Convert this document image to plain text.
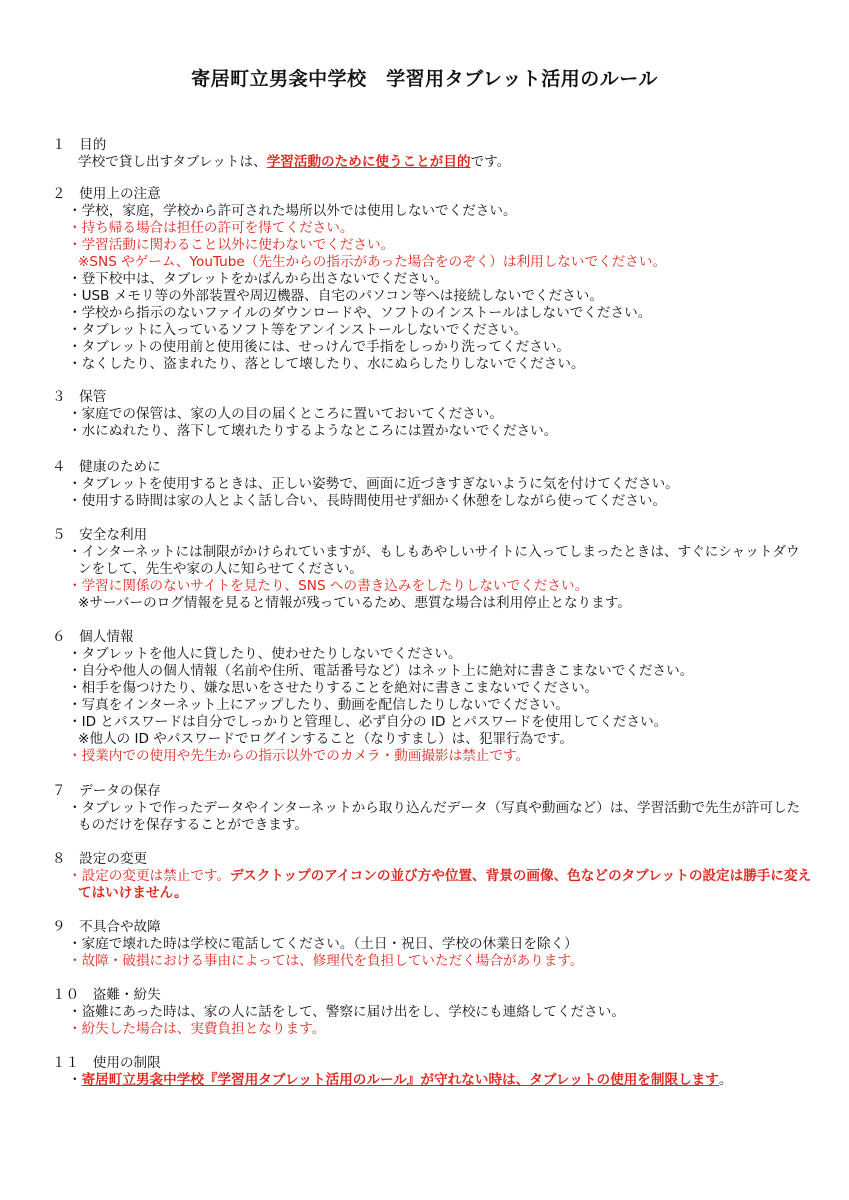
寄居町立男衾中学校　学習用タブレット活用のルール
１　目的
学校で貸し出すタブレットは、学習活動のために使うことが目的です。
２　使用上の注意
・学校，家庭，学校から許可された場所以外では使用しないでください。
・持ち帰る場合は担任の許可を得てください。
・学習活動に関わること以外に使わないでください。
※SNS やゲーム、YouTube（先生からの指示があった場合をのぞく）は利用しないでください。
・登下校中は、タブレットをかばんから出さないでください。
・USB メモリ等の外部装置や周辺機器、自宅のパソコン等へは接続しないでください。
・学校から指示のないファイルのダウンロードや、ソフトのインストールはしないでください。
・タブレットに入っているソフト等をアンインストールしないでください。
・タブレットの使用前と使用後には、せっけんで手指をしっかり洗ってください。
・なくしたり、盗まれたり、落として壊したり、水にぬらしたりしないでください。
３　保管
・家庭での保管は、家の人の目の届くところに置いておいてください。
・水にぬれたり、落下して壊れたりするようなところには置かないでください。
４　健康のために
・タブレットを使用するときは、正しい姿勢で、画面に近づきすぎないように気を付けてください。
・使用する時間は家の人とよく話し合い、長時間使用せず細かく休憩をしながら使ってください。
５　安全な利用
・インターネットには制限がかけられていますが、もしもあやしいサイトに入ってしまったときは、すぐにシャットダウンをして、先生や家の人に知らせてください。
・学習に関係のないサイトを見たり、SNS への書き込みをしたりしないでください。
※サーバーのログ情報を見ると情報が残っているため、悪質な場合は利用停止となります。
６　個人情報
・タブレットを他人に貸したり、使わせたりしないでください。
・自分や他人の個人情報（名前や住所、電話番号など）はネット上に絶対に書きこまないでください。
・相手を傷つけたり、嫌な思いをさせたりすることを絶対に書きこまないでください。
・写真をインターネット上にアップしたり、動画を配信したりしないでください。
・ID とパスワードは自分でしっかりと管理し、必ず自分の ID とパスワードを使用してください。
※他人の ID やパスワードでログインすること（なりすまし）は、犯罪行為です。
・授業内での使用や先生からの指示以外でのカメラ・動画撮影は禁止です。
７　データの保存
・タブレットで作ったデータやインターネットから取り込んだデータ（写真や動画など）は、学習活動で先生が許可したものだけを保存することができます。
８　設定の変更
・設定の変更は禁止です。デスクトップのアイコンの並び方や位置、背景の画像、色などのタブレットの設定は勝手に変えてはいけません。
９　不具合や故障
・家庭で壊れた時は学校に電話してください。（土日・祝日、学校の休業日を除く）
・故障・破損における事由によっては、修理代を負担していただく場合があります。
１０　盗難・紛失
・盗難にあった時は、家の人に話をして、警察に届け出をし、学校にも連絡してください。
・紛失した場合は、実費負担となります。
１１　使用の制限
・寄居町立男衾中学校『学習用タブレット活用のルール』が守れない時は、タブレットの使用を制限します。
